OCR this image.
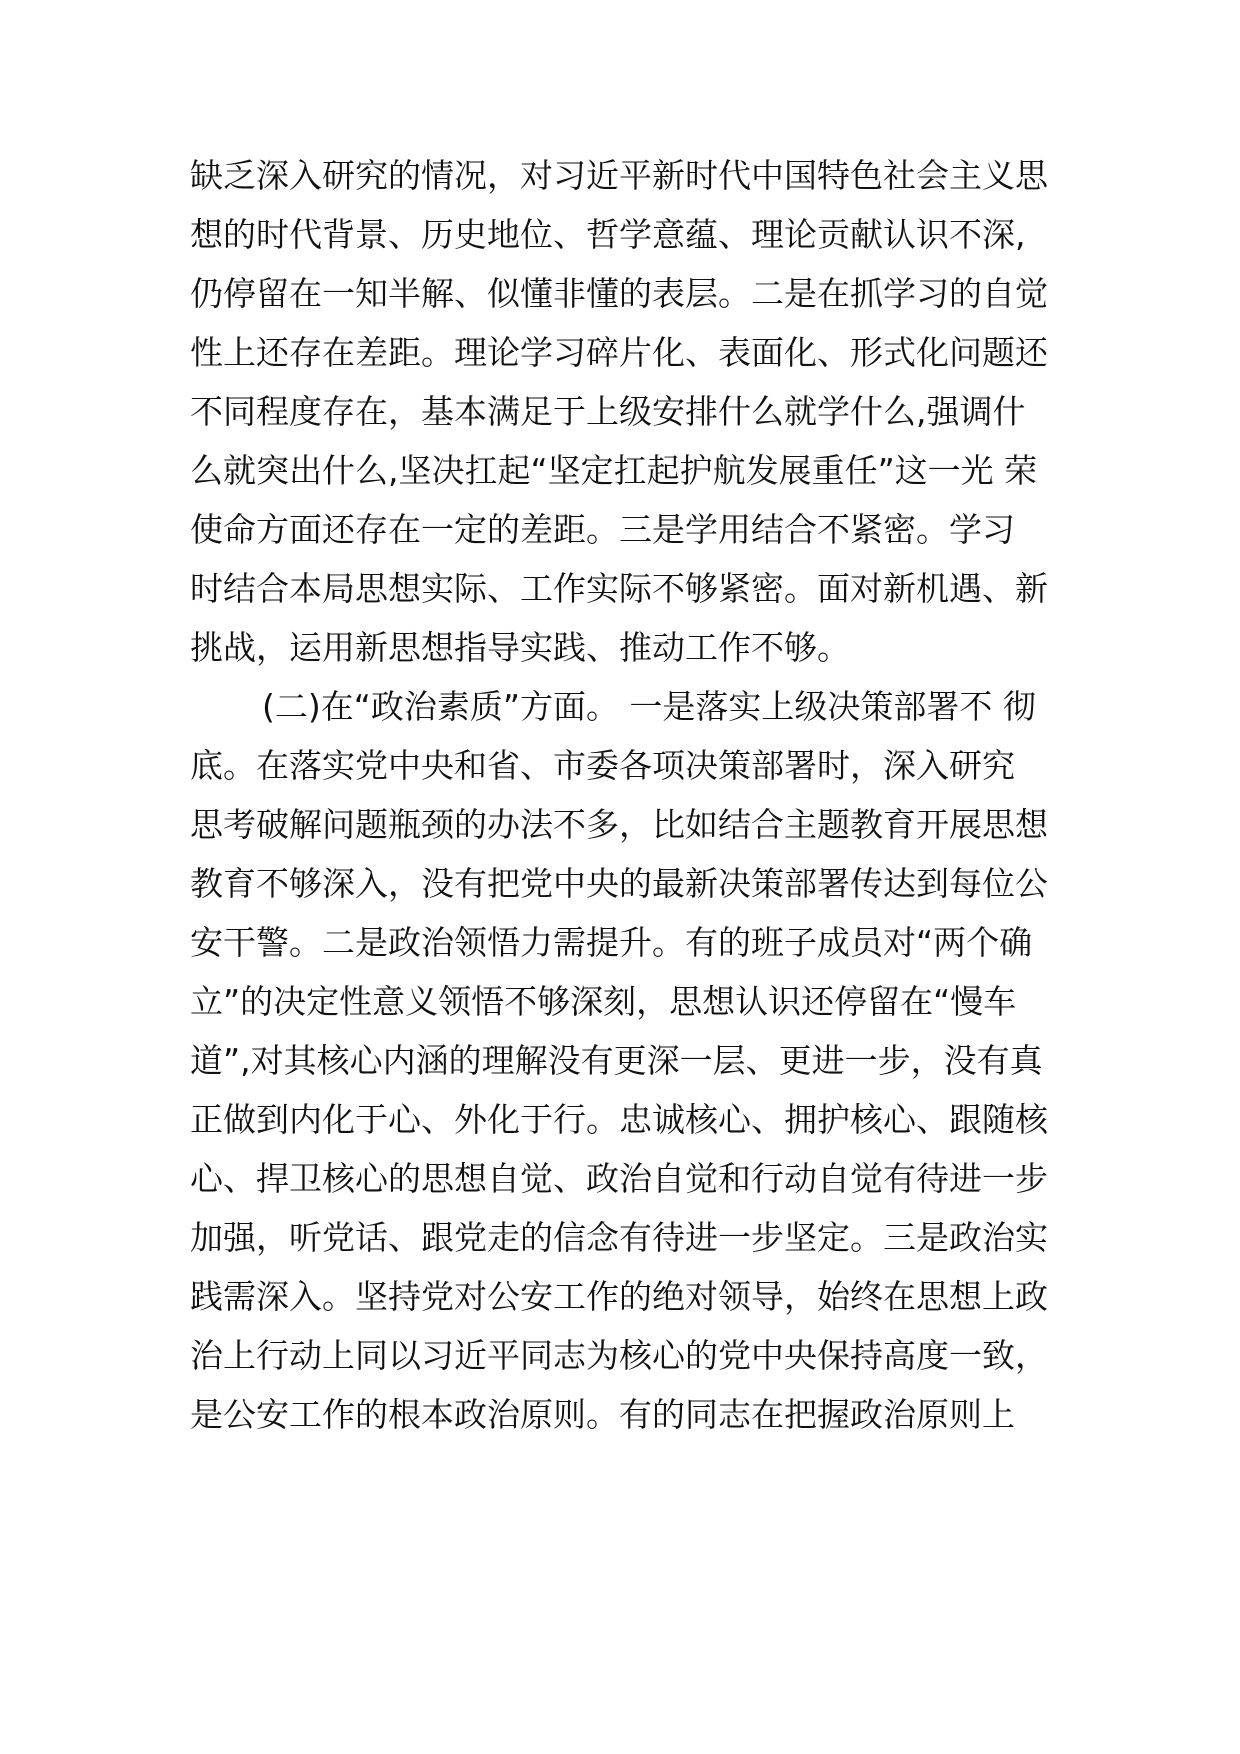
缺乏深入研究的情况，对习近平新时代中国特色社会主义思
想的时代背景、历史地位、哲学意蕴、理论贡献认识不深,
仍停留在一知半解、似懂非懂的表层。二是在抓学习的自觉
性上还存在差距。理论学习碎片化、表面化、形式化问题还
不同程度存在，基本满足于上级安排什么就学什么,强调什
么就突出什么,坚决扛起“坚定扛起护航发展重任”这一光 荣
使命方面还存在一定的差距。三是学用结合不紧密。学习
时结合本局思想实际、工作实际不够紧密。面对新机遇、新
挑战，运用新思想指导实践、推动工作不够。
(二)在“政治素质”方面。 一是落实上级决策部署不 彻
底。在落实党中央和省、市委各项决策部署时，深入研究
思考破解问题瓶颈的办法不多，比如结合主题教育开展思想
教育不够深入，没有把党中央的最新决策部署传达到每位公
安干警。二是政治领悟力需提升。有的班子成员对“两个确
立”的决定性意义领悟不够深刻，思想认识还停留在“慢车
道”,对其核心内涵的理解没有更深一层、更进一步，没有真
正做到内化于心、外化于行。忠诚核心、拥护核心、跟随核
心、捍卫核心的思想自觉、政治自觉和行动自觉有待进一步
加强，听党话、跟党走的信念有待进一步坚定。三是政治实
践需深入。坚持党对公安工作的绝对领导，始终在思想上政
治上行动上同以习近平同志为核心的党中央保持高度一致，
是公安工作的根本政治原则。有的同志在把握政治原则上
